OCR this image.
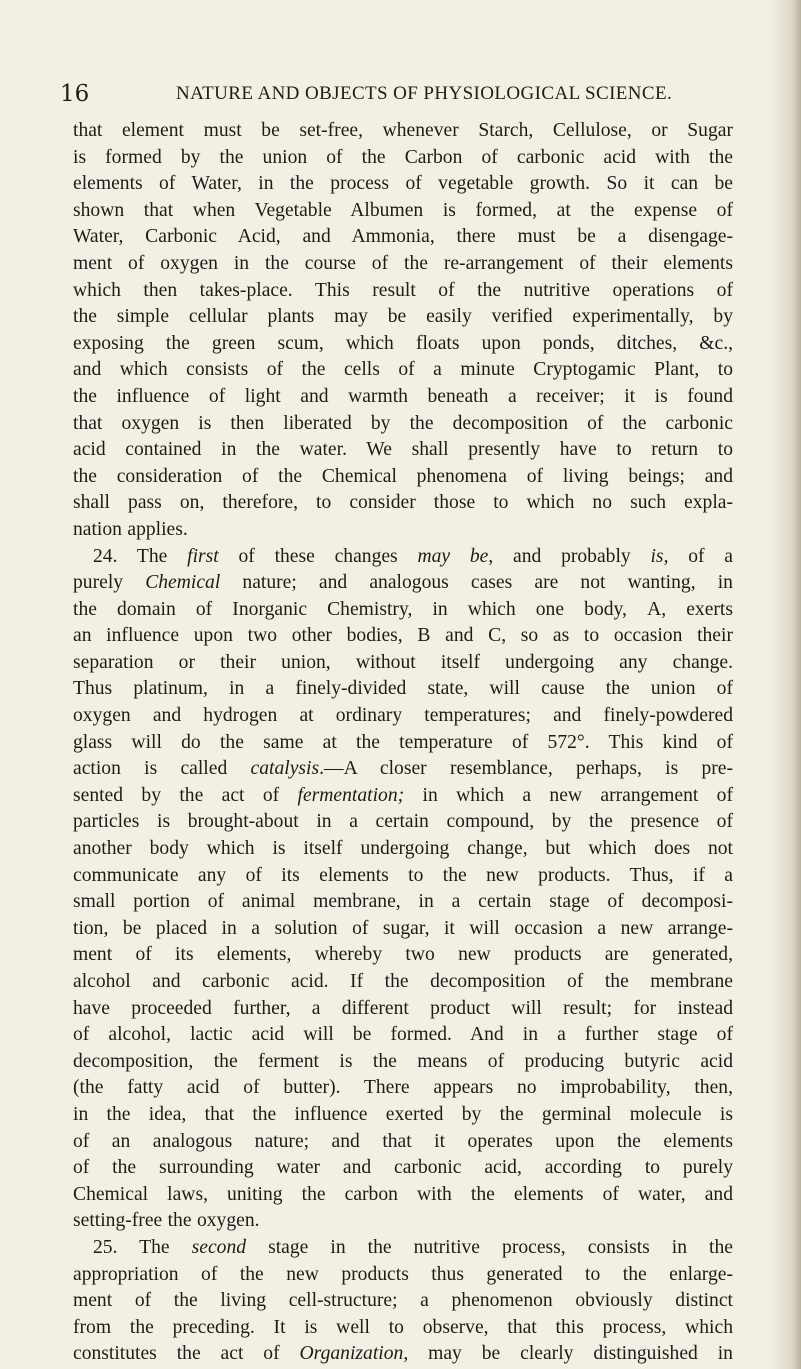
16	NATURE AND OBJECTS OF PHYSIOLOGICAL SCIENCE.
that element must be set-free, whenever Starch, Cellulose, or Sugar
is formed by the union of the Carbon of carbonic acid with the
elements of Water, in the process of vegetable growth. So it can be
shown that when Vegetable Albumen is formed, at the expense of
Water, Carbonic Acid, and Ammonia, there must be a disengage-
ment of oxygen in the course of the re-arrangement of their elements
which then takes-place. This result of the nutritive operations of
the simple cellular plants may be easily verified experimentally, by
exposing the green scum, which floats upon ponds, ditches, &c.,
and which consists of the cells of a minute Cryptogamic Plant, to
the influence of light and warmth beneath a receiver; it is found
that oxygen is then liberated by the decomposition of the carbonic
acid contained in the water. We shall presently have to return to
the consideration of the Chemical phenomena of living beings; and
shall pass on, therefore, to consider those to which no such expla-
nation applies.
24. The first of these changes may be, and probably is, of a
purely Chemical nature; and analogous cases are not wanting, in
the domain of Inorganic Chemistry, in which one body, A, exerts
an influence upon two other bodies, B and C, so as to occasion their
separation or their union, without itself undergoing any change.
Thus platinum, in a finely-divided state, will cause the union of
oxygen and hydrogen at ordinary temperatures; and finely-powdered
glass will do the same at the temperature of 572°. This kind of
action is called catalysis.—A closer resemblance, perhaps, is pre-
sented by the act of fermentation; in which a new arrangement of
particles is brought-about in a certain compound, by the presence of
another body which is itself undergoing change, but which does not
communicate any of its elements to the new products. Thus, if a
small portion of animal membrane, in a certain stage of decomposi-
tion, be placed in a solution of sugar, it will occasion a new arrange-
ment of its elements, whereby two new products are generated,
alcohol and carbonic acid. If the decomposition of the membrane
have proceeded further, a different product will result; for instead
of alcohol, lactic acid will be formed. And in a further stage of
decomposition, the ferment is the means of producing butyric acid
(the fatty acid of butter). There appears no improbability, then,
in the idea, that the influence exerted by the germinal molecule is
of an analogous nature; and that it operates upon the elements
of the surrounding water and carbonic acid, according to purely
Chemical laws, uniting the carbon with the elements of water, and
setting-free the oxygen.
25. The second stage in the nutritive process, consists in the
appropriation of the new products thus generated to the enlarge-
ment of the living cell-structure; a phenomenon obviously distinct
from the preceding. It is well to observe, that this process, which
constitutes the act of Organization, may be clearly distinguished in
